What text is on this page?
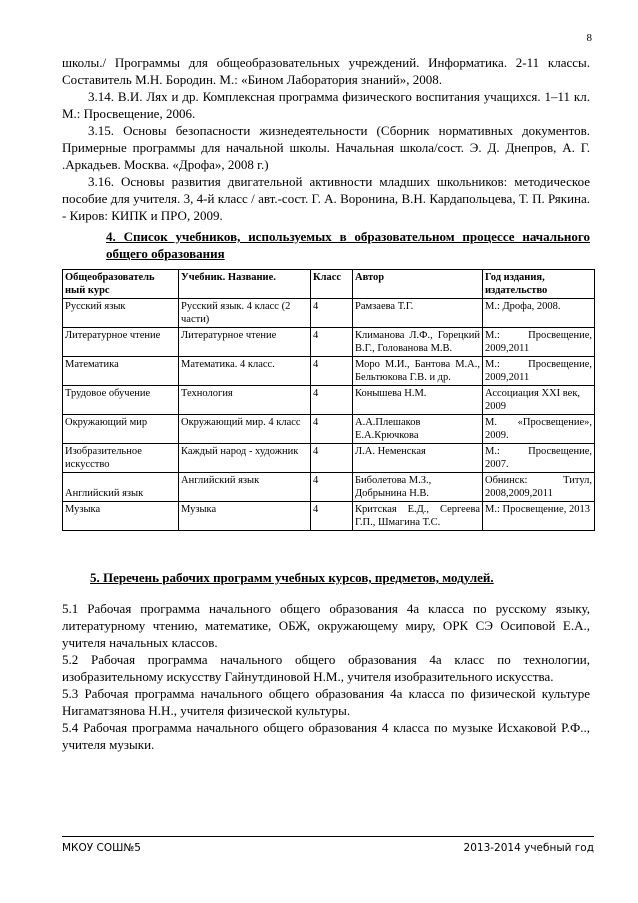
8

школы./ Программы для общеобразовательных учреждений. Информатика. 2-11 классы. Составитель М.Н. Бородин. М.: «Бином Лаборатория знаний», 2008.

3.14. В.И. Лях и др. Комплексная программа физического воспитания учащихся. 1–11 кл. М.: Просвещение, 2006.

3.15. Основы безопасности жизнедеятельности (Сборник нормативных документов. Примерные программы для начальной школы. Начальная школа/сост. Э. Д. Днепров, А. Г. .Аркадьев. Москва. «Дрофа», 2008 г.)

3.16. Основы развития двигательной активности младших школьников: методическое пособие для учителя. 3, 4-й класс / авт.-сост. Г. А. Воронина, В.Н. Кардапольцева, Т. П. Рякина. - Киров: КИПК и ПРО, 2009.

4. Список учебников, используемых в образовательном процессе начального общего образования
Общеобразователь ный курс	Учебник. Название.	Класс	Автор	Год издания, издательство
Русский язык	Русский язык. 4 класс (2 части)	4	Рамзаева Т.Г.	М.: Дрофа, 2008.
Литературное чтение	Литературное чтение	4	Климанова Л.Ф., Горецкий В.Г., Голованова М.В.	М.: Просвещение, 2009,2011
Математика	Математика. 4 класс.	4	Моро М.И., Бантова М.А., Бельтюкова Г.В. и др.	М.: Просвещение, 2009,2011
Трудовое обучение	Технология	4	Конышева Н.М.	Ассоциация XXI век, 2009
Окружающий мир	Окружающий мир. 4 класс	4	А.А.Плешаков Е.А.Крючкова	М. «Просвещение», 2009.
Изобразительное искусство	Каждый народ - художник	4	Л.А. Неменская	М.: Просвещение, 2007.
Английский язык	Английский язык	4	Биболетова М.З., Добрынина Н.В.	Обнинск: Титул, 2008,2009,2011
Музыка	Музыка	4	Критская Е.Д., Сергеева Г.П., Шмагина Т.С.	М.: Просвещение, 2013
5. Перечень рабочих программ учебных курсов, предметов, модулей.

5.1 Рабочая программа начального общего образования 4а класса по русскому языку, литературному чтению, математике, ОБЖ, окружающему миру, ОРК СЭ Осиповой Е.А., учителя начальных классов.

5.2 Рабочая программа начального общего образования 4а класс по технологии, изобразительному искусству Гайнутдиновой Н.М., учителя изобразительного искусства.

5.3 Рабочая программа начального общего образования 4а класса по физической культуре Нигаматзянова Н.Н., учителя физической культуры.

5.4 Рабочая программа начального общего образования 4 класса по музыке Исхаковой Р.Ф.., учителя музыки.

МКОУ СОШ№5	2013-2014 учебный год
